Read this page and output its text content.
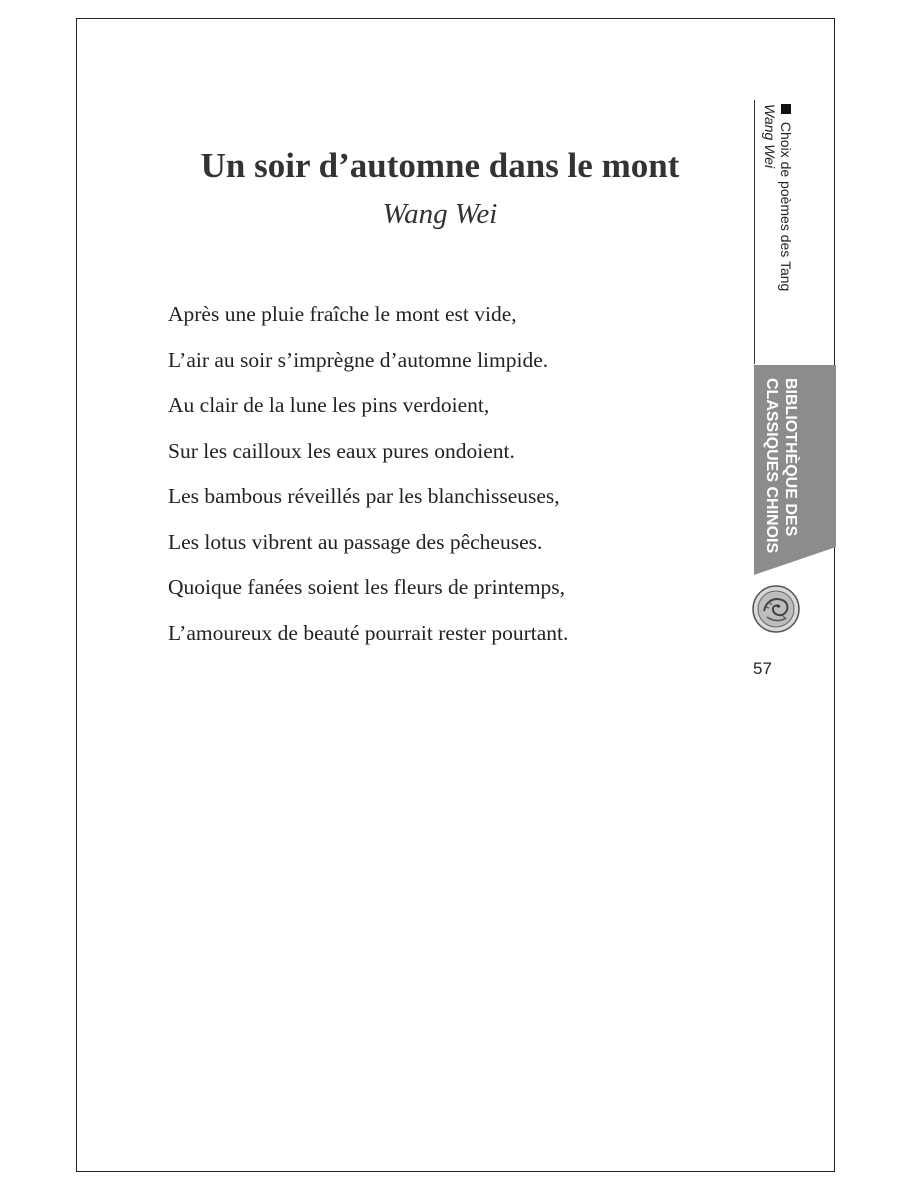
Un soir d’automne dans le mont
Wang Wei
Après une pluie fraîche le mont est vide,
L’air au soir s’imprègne d’automne limpide.
Au clair de la lune les pins verdoient,
Sur les cailloux les eaux pures ondoient.
Les bambous réveillés par les blanchisseuses,
Les lotus vibrent au passage des pêcheuses.
Quoique fanées soient les fleurs de printemps,
L’amoureux de beauté pourrait rester pourtant.
Choix de poèmes des Tang
Wang Wei
BIBLIOTHÈQUE DES
CLASSIQUES CHINOIS
57
